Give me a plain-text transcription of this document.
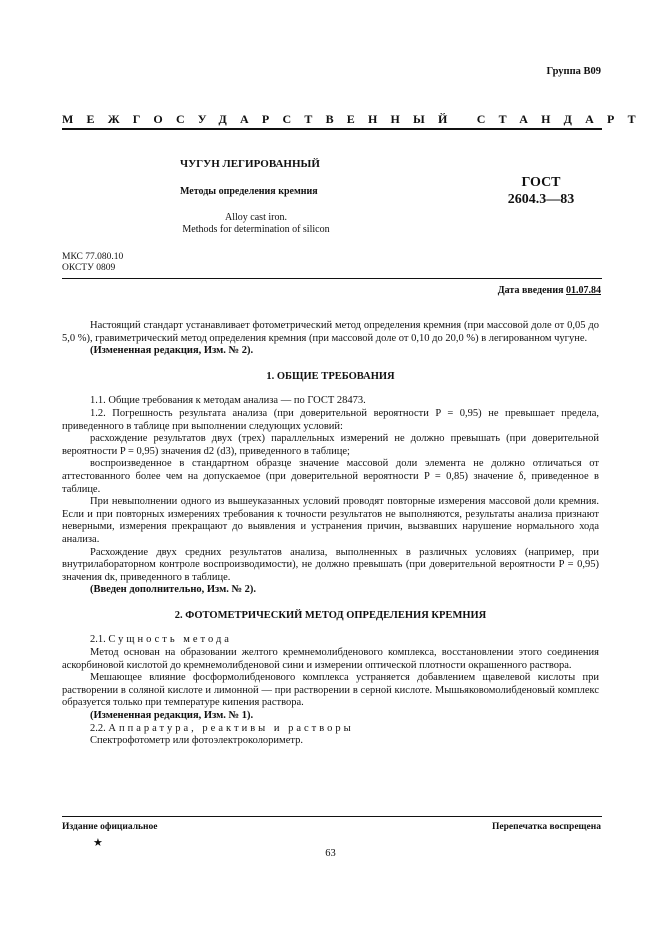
Группа В09
МЕЖГОСУДАРСТВЕННЫЙ СТАНДАРТ
ЧУГУН ЛЕГИРОВАННЫЙ
Методы определения кремния
Alloy cast iron.
Methods for determination of silicon
ГОСТ
2604.3—83
МКС 77.080.10
ОКСТУ 0809
Дата введения 01.07.84

Настоящий стандарт устанавливает фотометрический метод определения кремния (при массовой доле от 0,05 до 5,0 %), гравиметрический метод определения кремния (при массовой доле от 0,10 до 20,0 %) в легированном чугуне.

(Измененная редакция, Изм. № 2).

1. ОБЩИЕ ТРЕБОВАНИЯ

1.1. Общие требования к методам анализа — по ГОСТ 28473.

1.2. Погрешность результата анализа (при доверительной вероятности P = 0,95) не превышает предела, приведенного в таблице при выполнении следующих условий:

расхождение результатов двух (трех) параллельных измерений не должно превышать (при доверительной вероятности P = 0,95) значения d2 (d3), приведенного в таблице;

воспроизведенное в стандартном образце значение массовой доли элемента не должно отличаться от аттестованного более чем на допускаемое (при доверительной вероятности P = 0,85) значение δ, приведенное в таблице.

При невыполнении одного из вышеуказанных условий проводят повторные измерения массовой доли кремния. Если и при повторных измерениях требования к точности результатов не выполняются, результаты анализа признают неверными, измерения прекращают до выявления и устранения причин, вызвавших нарушение нормального хода анализа.

Расхождение двух средних результатов анализа, выполненных в различных условиях (например, при внутрилабораторном контроле воспроизводимости), не должно превышать (при доверительной вероятности P = 0,95) значения dк, приведенного в таблице.

(Введен дополнительно, Изм. № 2).

2. ФОТОМЕТРИЧЕСКИЙ МЕТОД ОПРЕДЕЛЕНИЯ КРЕМНИЯ

2.1. Сущность метода

Метод основан на образовании желтого кремнемолибденового комплекса, восстановлении этого соединения аскорбиновой кислотой до кремнемолибденовой сини и измерении оптической плотности окрашенного раствора.

Мешающее влияние фосформолибденового комплекса устраняется добавлением щавелевой кислоты при растворении в соляной кислоте и лимонной — при растворении в серной кислоте. Мышьяковомолибденовый комплекс образуется только при температуре кипения раствора.

(Измененная редакция, Изм. № 1).

2.2. Аппаратура, реактивы и растворы

Спектрофотометр или фотоэлектроколориметр.

Издание официальное
★
Перепечатка воспрещена
63
